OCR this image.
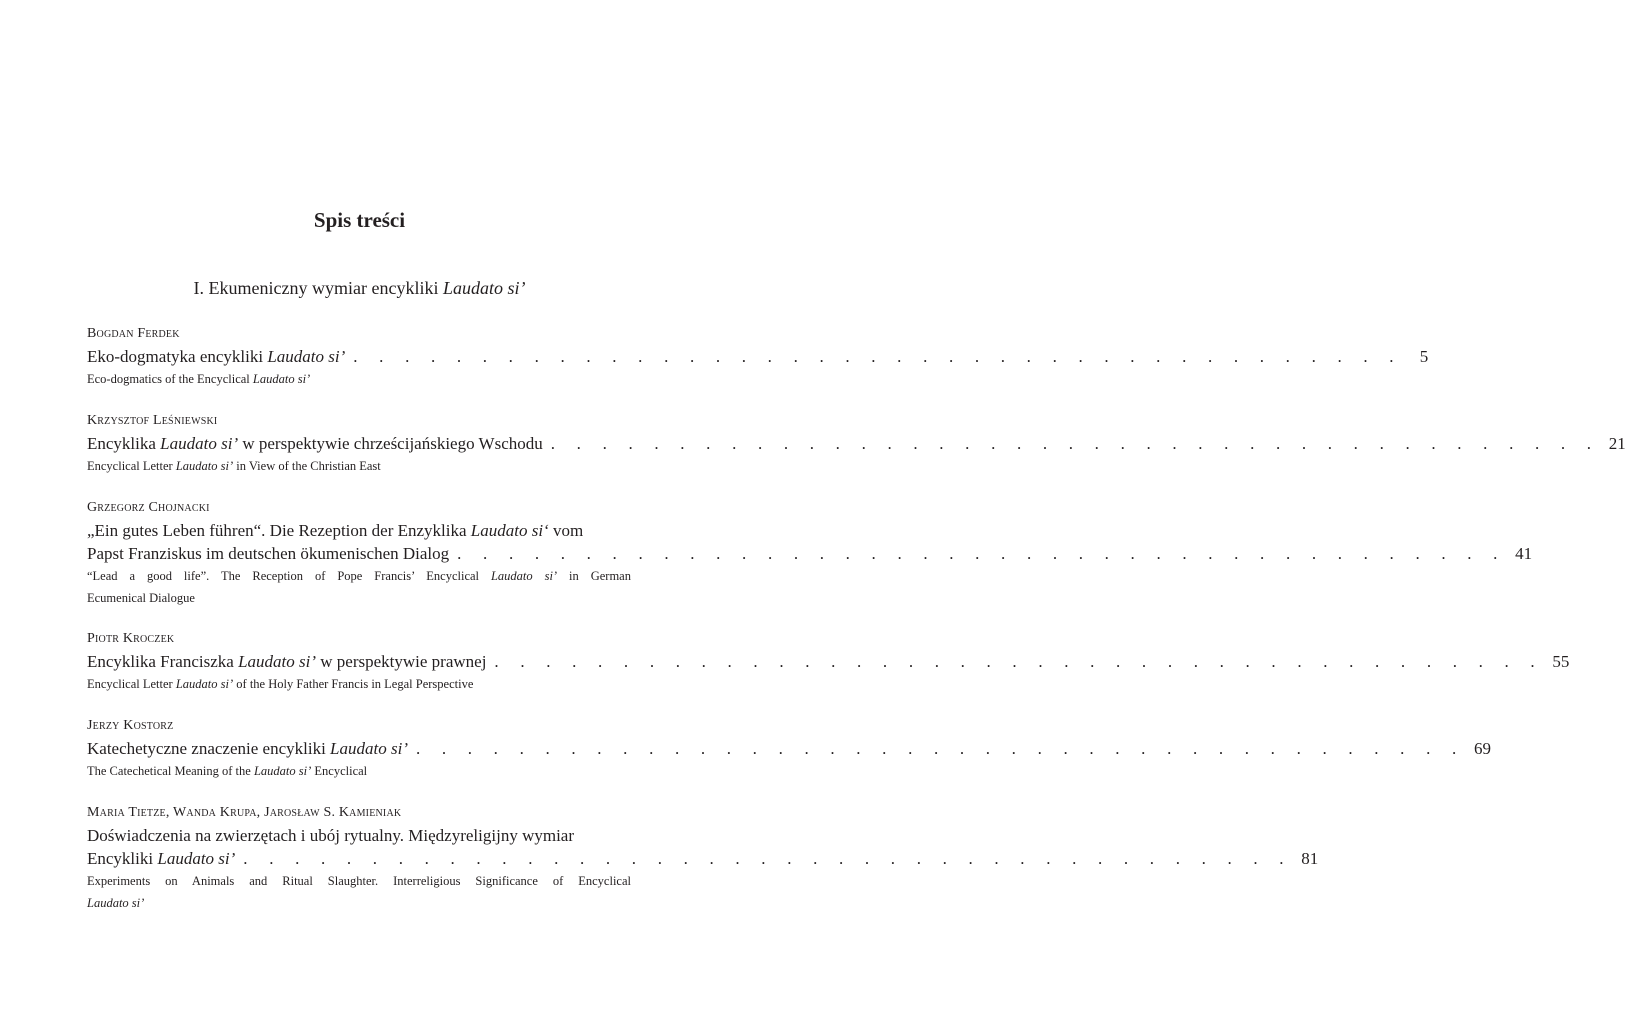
Spis treści
I. Ekumeniczny wymiar encykliki Laudato si’
Bogdan Ferdek
Eko-dogmatyka encykliki Laudato si’ . . . . . . . . . . . . . . . . . . . . . . . . . . . . . . . . . . . . . . . . .	5
Eco-dogmatics of the Encyclical Laudato si’
Krzysztof Leśniewski
Encyklika Laudato si’ w perspektywie chrześcijańskiego Wschodu . . . . . . . . . . . . . . . . . . . . . . . . . . . . . . . . . . . . . . . . . 21
Encyclical Letter Laudato si’ in View of the Christian East
Grzegorz Chojnacki
„Ein gutes Leben führen“. Die Rezeption der Enzyklika Laudato si‘ vom
Papst Franziskus im deutschen ökumenischen Dialog . . . . . . . . . . . . . . . . . . . . . . . . . . . . . . . . . . . . . . . . . 41
“Lead a good life”. The Reception of Pope Francis’ Encyclical Laudato si’ in German
Ecumenical Dialogue
Piotr Kroczek
Encyklika Franciszka Laudato si’ w perspektywie prawnej . . . . . . . . . . . . . . . . . . . . . . . . . . . . . . . . . . . . . . . . . 55
Encyclical Letter Laudato si’ of the Holy Father Francis in Legal Perspective
Jerzy Kostorz
Katechetyczne znaczenie encykliki Laudato si’ . . . . . . . . . . . . . . . . . . . . . . . . . . . . . . . . . . . . . . . . . 69
The Catechetical Meaning of the Laudato si’ Encyclical
Maria Tietze, Wanda Krupa, Jarosław S. Kamieniak
Doświadczenia na zwierzętach i ubój rytualny. Międzyreligijny wymiar
Encykliki Laudato si’ . . . . . . . . . . . . . . . . . . . . . . . . . . . . . . . . . . . . . . . . . 81
Experiments on Animals and Ritual Slaughter. Interreligious Significance of Encyclical
Laudato si’
